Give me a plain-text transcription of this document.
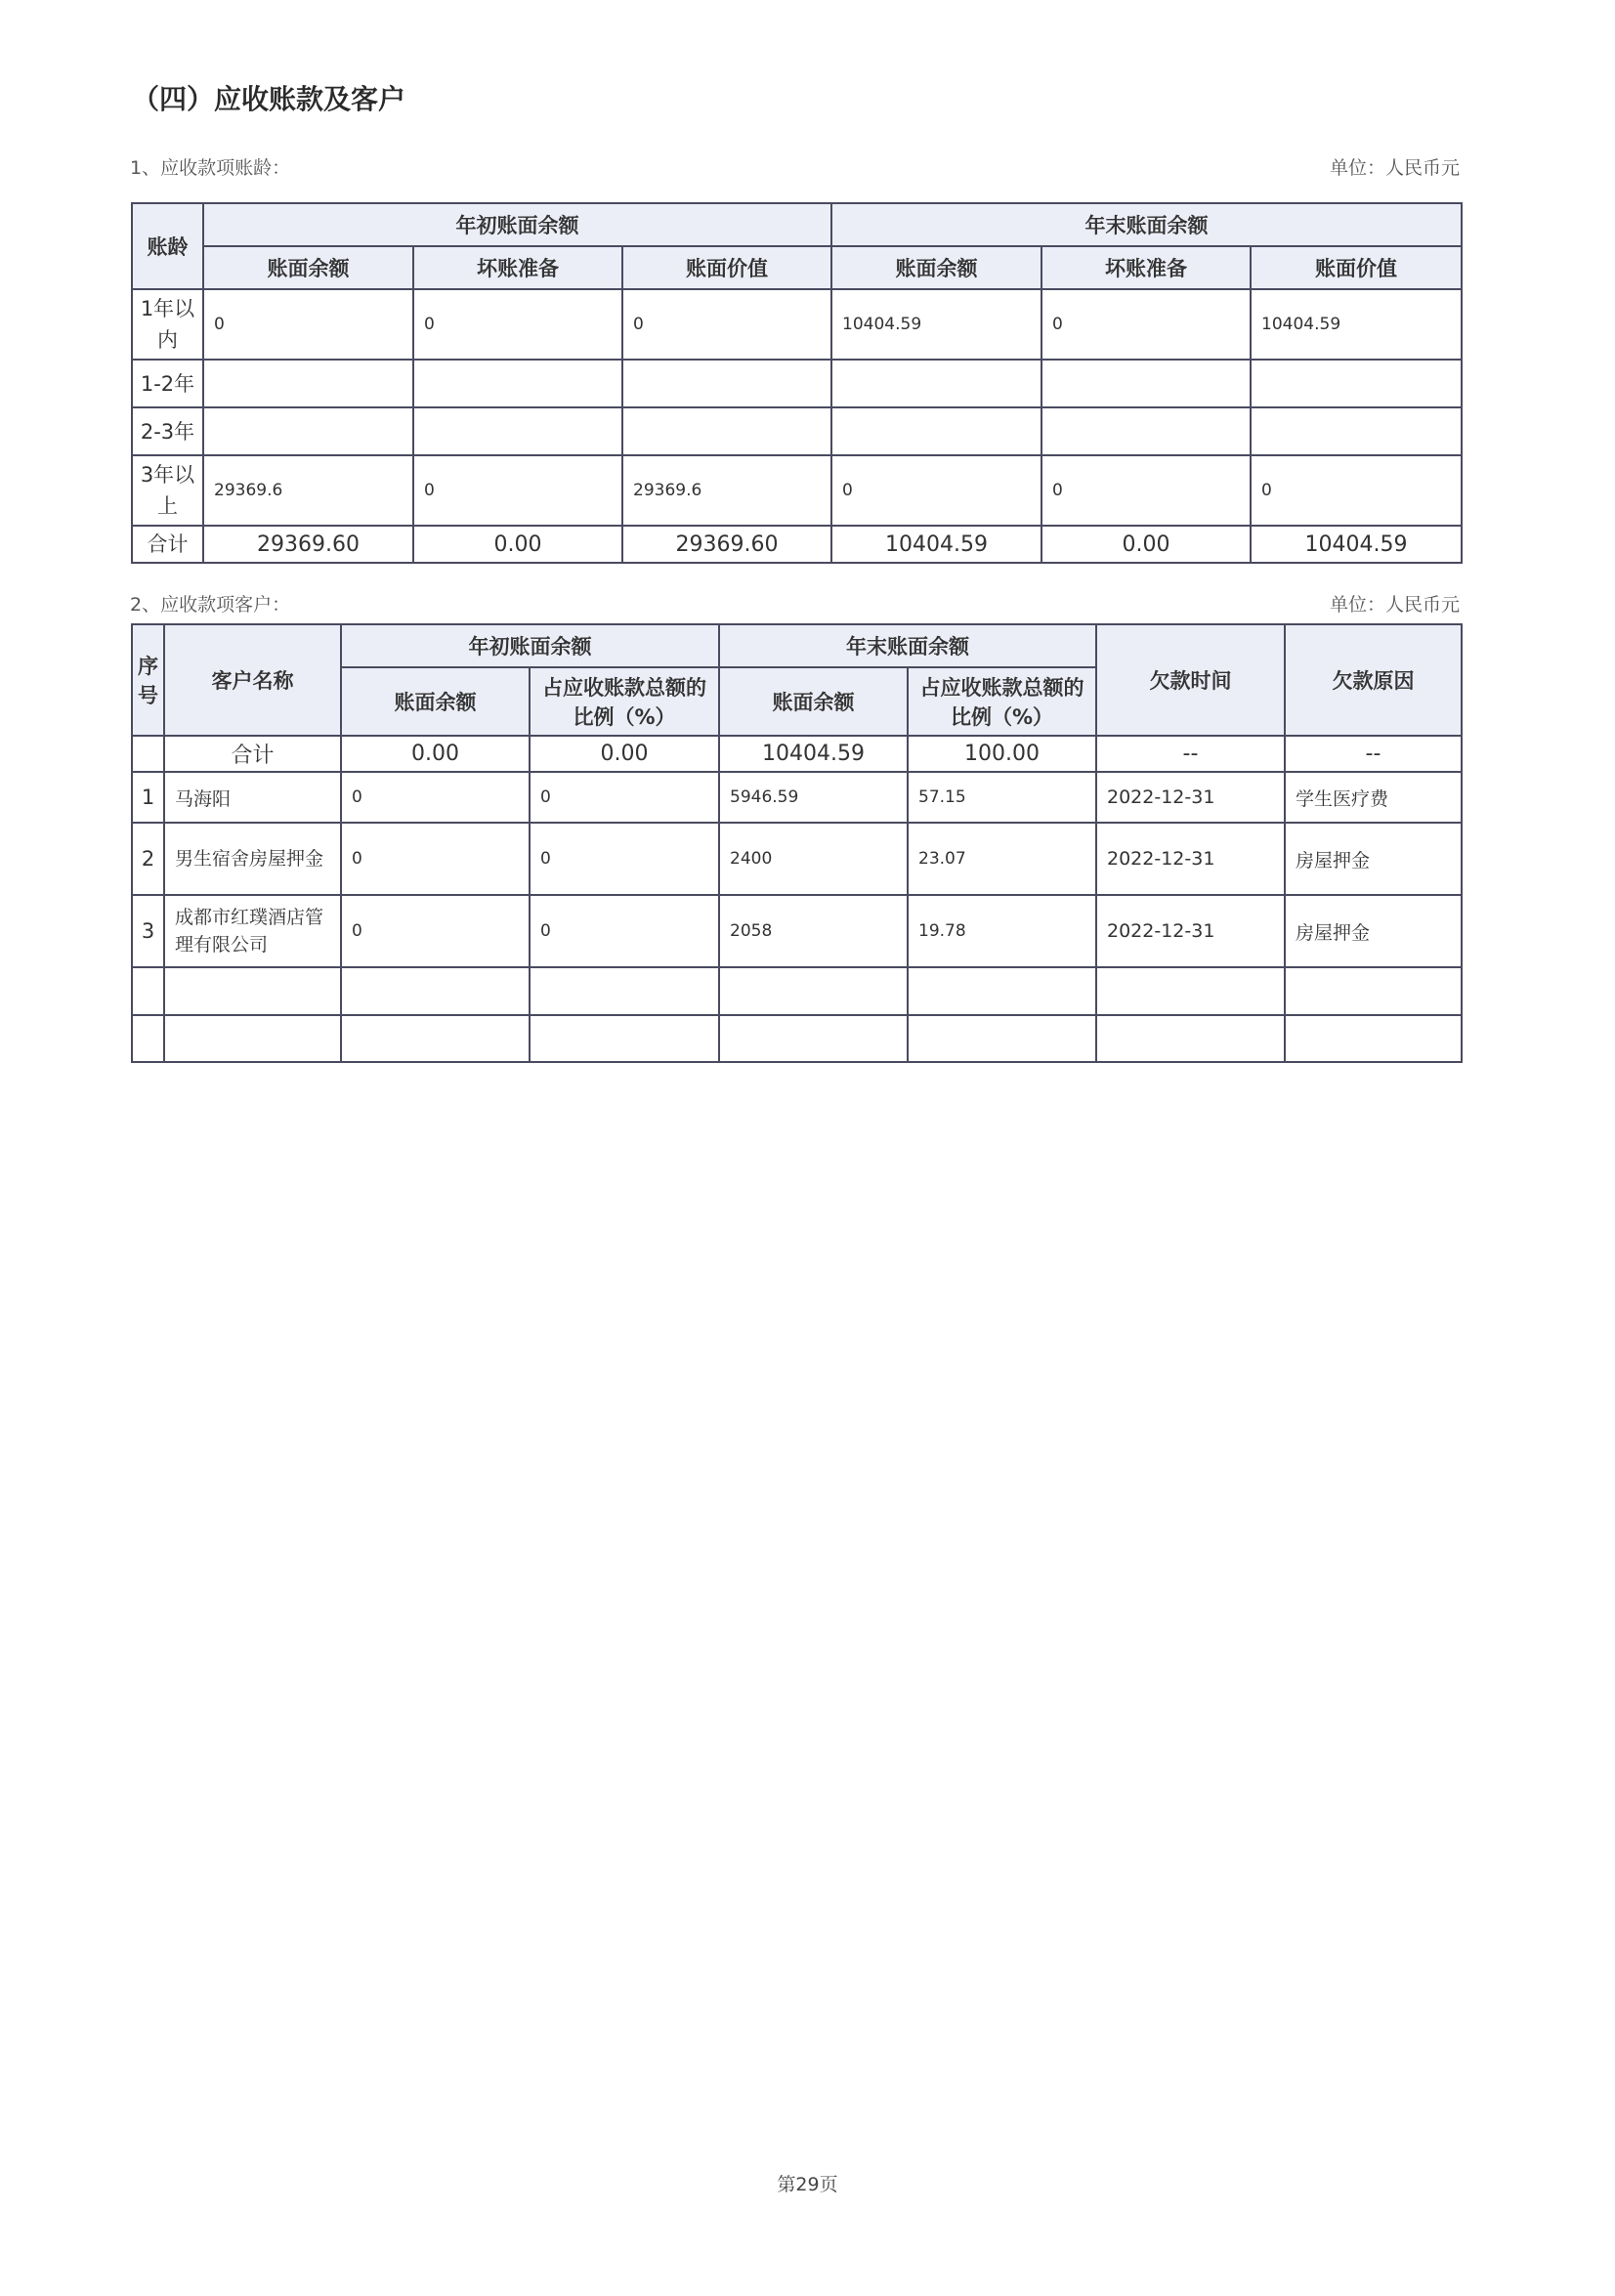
（四）应收账款及客户
1、应收款项账龄：	单位：人民币元
账龄	年初账面余额			年末账面余额		
	账面余额	坏账准备	账面价值	账面余额	坏账准备	账面价值
1年以内	0	0	0	10404.59	0	10404.59
1-2年						
2-3年						
3年以上	29369.6	0	29369.6	0	0	0
合计	29369.60	0.00	29369.60	10404.59	0.00	10404.59
2、应收款项客户：	单位：人民币元
序号	客户名称	年初账面余额		年末账面余额		欠款时间	欠款原因
		账面余额	占应收账款总额的比例（%）	账面余额	占应收账款总额的比例（%）		
	合计	0.00	0.00	10404.59	100.00	--	--
1	马海阳	0	0	5946.59	57.15	2022-12-31	学生医疗费
2	男生宿舍房屋押金	0	0	2400	23.07	2022-12-31	房屋押金
3	成都市红璞酒店管理有限公司	0	0	2058	19.78	2022-12-31	房屋押金

第29页
